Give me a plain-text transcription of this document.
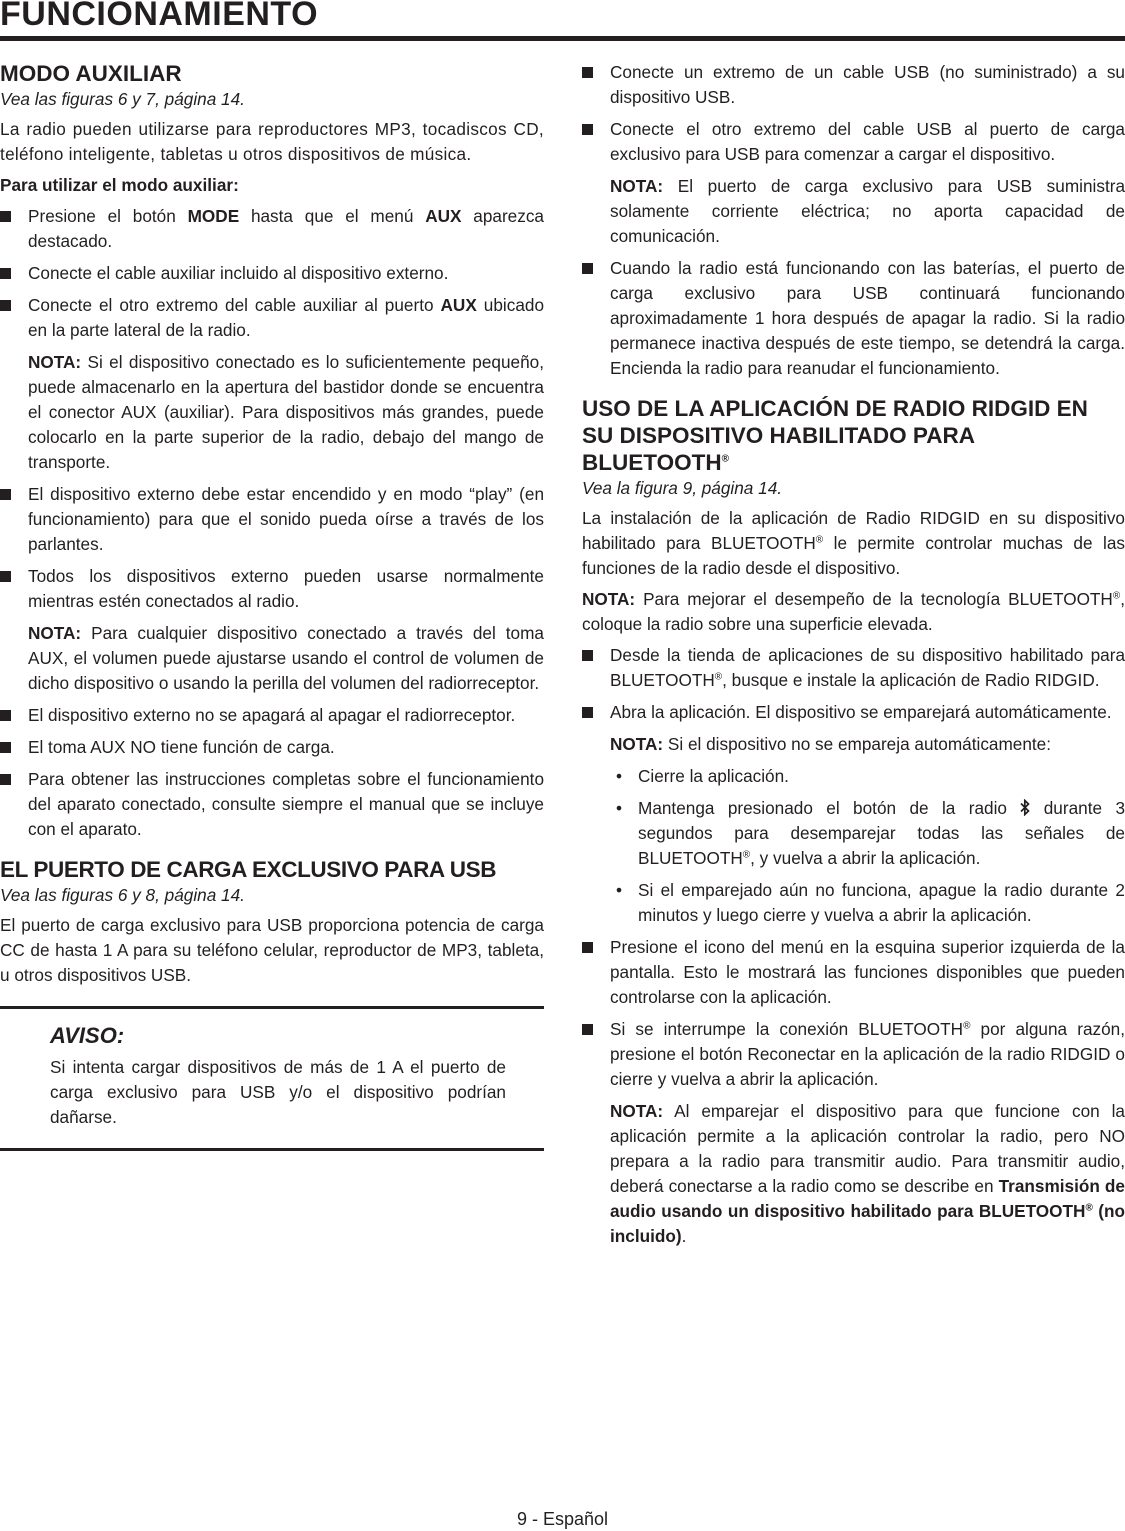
FUNCIONAMIENTO
MODO AUXILIAR
Vea las figuras 6 y 7, página 14.

La radio pueden utilizarse para reproductores MP3, tocadiscos CD, teléfono inteligente, tabletas u otros dispositivos de música.

Para utilizar el modo auxiliar:

Presione el botón MODE hasta que el menú AUX aparezca destacado.
Conecte el cable auxiliar incluido al dispositivo externo.
Conecte el otro extremo del cable auxiliar al puerto AUX ubicado en la parte lateral de la radio.
NOTA: Si el dispositivo conectado es lo suficientemente pequeño, puede almacenarlo en la apertura del bastidor donde se encuentra el conector AUX (auxiliar). Para dispositivos más grandes, puede colocarlo en la parte superior de la radio, debajo del mango de transporte.
El dispositivo externo debe estar encendido y en modo “play” (en funcionamiento) para que el sonido pueda oírse a través de los parlantes.
Todos los dispositivos externo pueden usarse normalmente mientras estén conectados al radio.
NOTA: Para cualquier dispositivo conectado a través del toma AUX, el volumen puede ajustarse usando el control de volumen de dicho dispositivo o usando la perilla del volumen del radiorreceptor.
El dispositivo externo no se apagará al apagar el radiorreceptor.
El toma AUX NO tiene función de carga.
Para obtener las instrucciones completas sobre el funcionamiento del aparato conectado, consulte siempre el manual que se incluye con el aparato.
EL PUERTO DE CARGA EXCLUSIVO PARA USB
Vea las figuras 6 y 8, página 14.

El puerto de carga exclusivo para USB proporciona potencia de carga CC de hasta 1 A para su teléfono celular, reproductor de MP3, tableta, u otros dispositivos USB.

AVISO:

Si intenta cargar dispositivos de más de 1 A el puerto de carga exclusivo para USB y/o el dispositivo podrían dañarse.

Conecte un extremo de un cable USB (no suministrado) a su dispositivo USB.
Conecte el otro extremo del cable USB al puerto de carga exclusivo para USB para comenzar a cargar el dispositivo.
NOTA: El puerto de carga exclusivo para USB suministra solamente corriente eléctrica; no aporta capacidad de comunicación.
Cuando la radio está funcionando con las baterías, el puerto de carga exclusivo para USB continuará funcionando aproximadamente 1 hora después de apagar la radio. Si la radio permanece inactiva después de este tiempo, se detendrá la carga. Encienda la radio para reanudar el funcionamiento.
USO DE LA APLICACIÓN DE RADIO RIDGID EN SU DISPOSITIVO HABILITADO PARA BLUETOOTH®
Vea la figura 9, página 14.

La instalación de la aplicación de Radio RIDGID en su dispositivo habilitado para BLUETOOTH® le permite controlar muchas de las funciones de la radio desde el dispositivo.

NOTA: Para mejorar el desempeño de la tecnología BLUETOOTH®, coloque la radio sobre una superficie elevada.

Desde la tienda de aplicaciones de su dispositivo habilitado para BLUETOOTH®, busque e instale la aplicación de Radio RIDGID.
Abra la aplicación. El dispositivo se emparejará automáticamente.
NOTA: Si el dispositivo no se empareja automáticamente:
• Cierre la aplicación.
• Mantenga presionado el botón de la radio  durante 3 segundos para desemparejar todas las señales de BLUETOOTH®, y vuelva a abrir la aplicación.
• Si el emparejado aún no funciona, apague la radio durante 2 minutos y luego cierre y vuelva a abrir la aplicación.
Presione el icono del menú en la esquina superior izquierda de la pantalla. Esto le mostrará las funciones disponibles que pueden controlarse con la aplicación.
Si se interrumpe la conexión BLUETOOTH® por alguna razón, presione el botón Reconectar en la aplicación de la radio RIDGID o cierre y vuelva a abrir la aplicación.
NOTA: Al emparejar el dispositivo para que funcione con la aplicación permite a la aplicación controlar la radio, pero NO prepara a la radio para transmitir audio. Para transmitir audio, deberá conectarse a la radio como se describe en Transmisión de audio usando un dispositivo habilitado para BLUETOOTH® (no incluido).
9 - Español
